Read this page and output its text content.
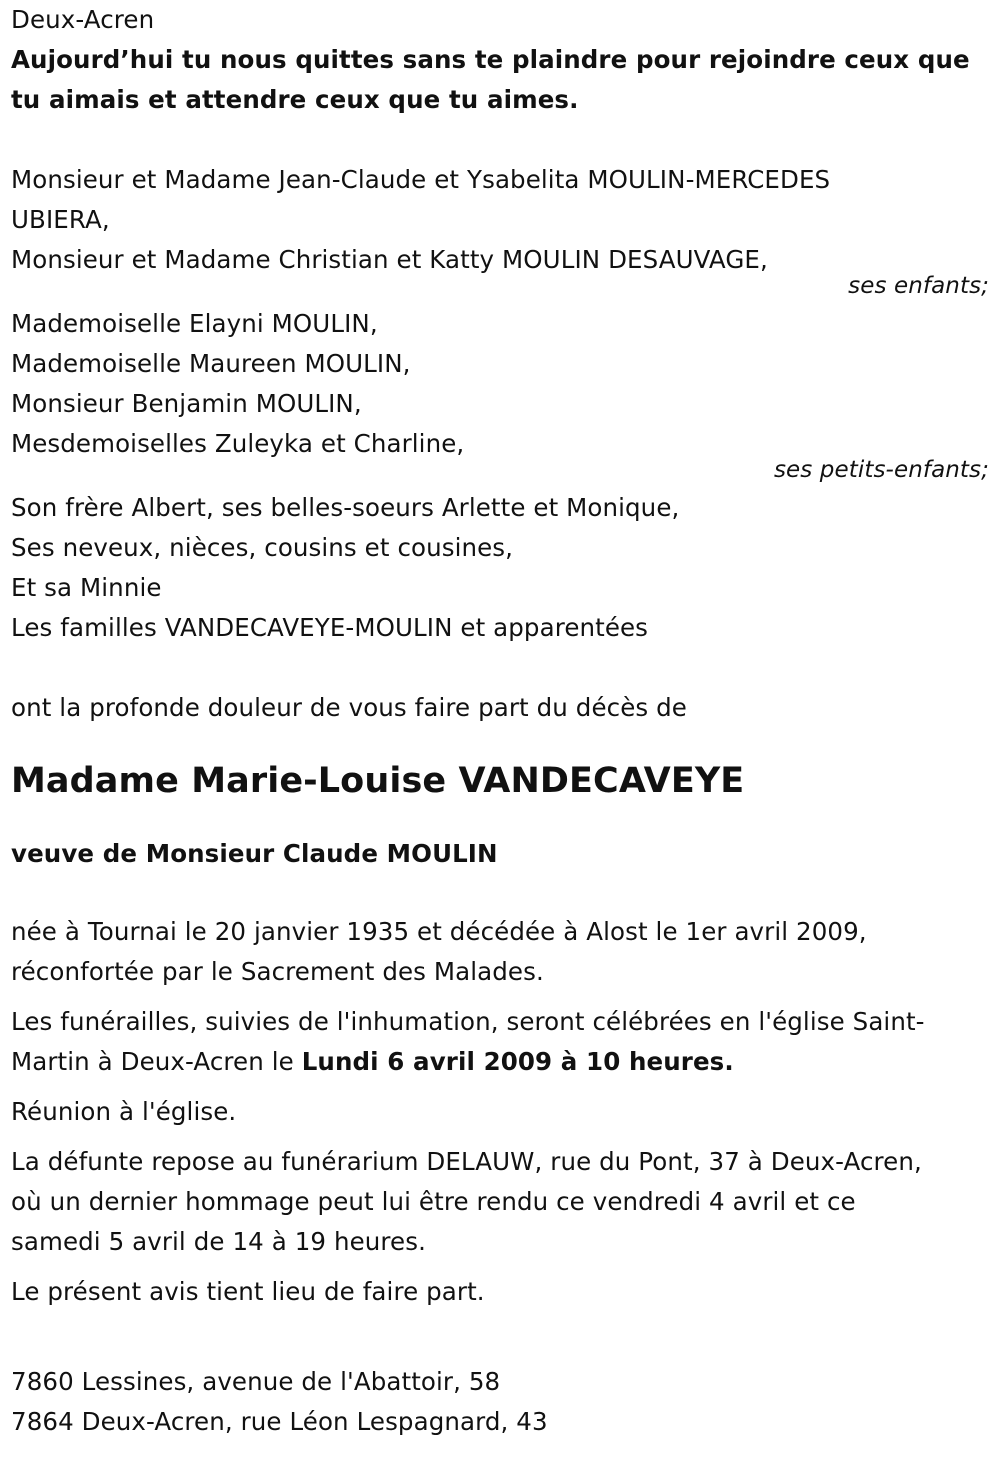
Deux-Acren
Aujourd’hui tu nous quittes sans te plaindre pour rejoindre ceux que
tu aimais et attendre ceux que tu aimes.
Monsieur et Madame Jean-Claude et Ysabelita MOULIN-MERCEDES
UBIERA,
Monsieur et Madame Christian et Katty MOULIN DESAUVAGE,
ses enfants;
Mademoiselle Elayni MOULIN,
Mademoiselle Maureen MOULIN,
Monsieur Benjamin MOULIN,
Mesdemoiselles Zuleyka et Charline,
ses petits-enfants;
Son frère Albert, ses belles-soeurs Arlette et Monique,
Ses neveux, nièces, cousins et cousines,
Et sa Minnie
Les familles VANDECAVEYE-MOULIN et apparentées
ont la profonde douleur de vous faire part du décès de
Madame Marie-Louise VANDECAVEYE
veuve de Monsieur Claude MOULIN
née à Tournai le 20 janvier 1935 et décédée à Alost le 1er avril 2009,
réconfortée par le Sacrement des Malades.
Les funérailles, suivies de l'inhumation, seront célébrées en l'église Saint-
Martin à Deux-Acren le Lundi 6 avril 2009 à 10 heures.
Réunion à l'église.
La défunte repose au funérarium DELAUW, rue du Pont, 37 à Deux-Acren,
où un dernier hommage peut lui être rendu ce vendredi 4 avril et ce
samedi 5 avril de 14 à 19 heures.
Le présent avis tient lieu de faire part.
7860 Lessines, avenue de l'Abattoir, 58
7864 Deux-Acren, rue Léon Lespagnard, 43
